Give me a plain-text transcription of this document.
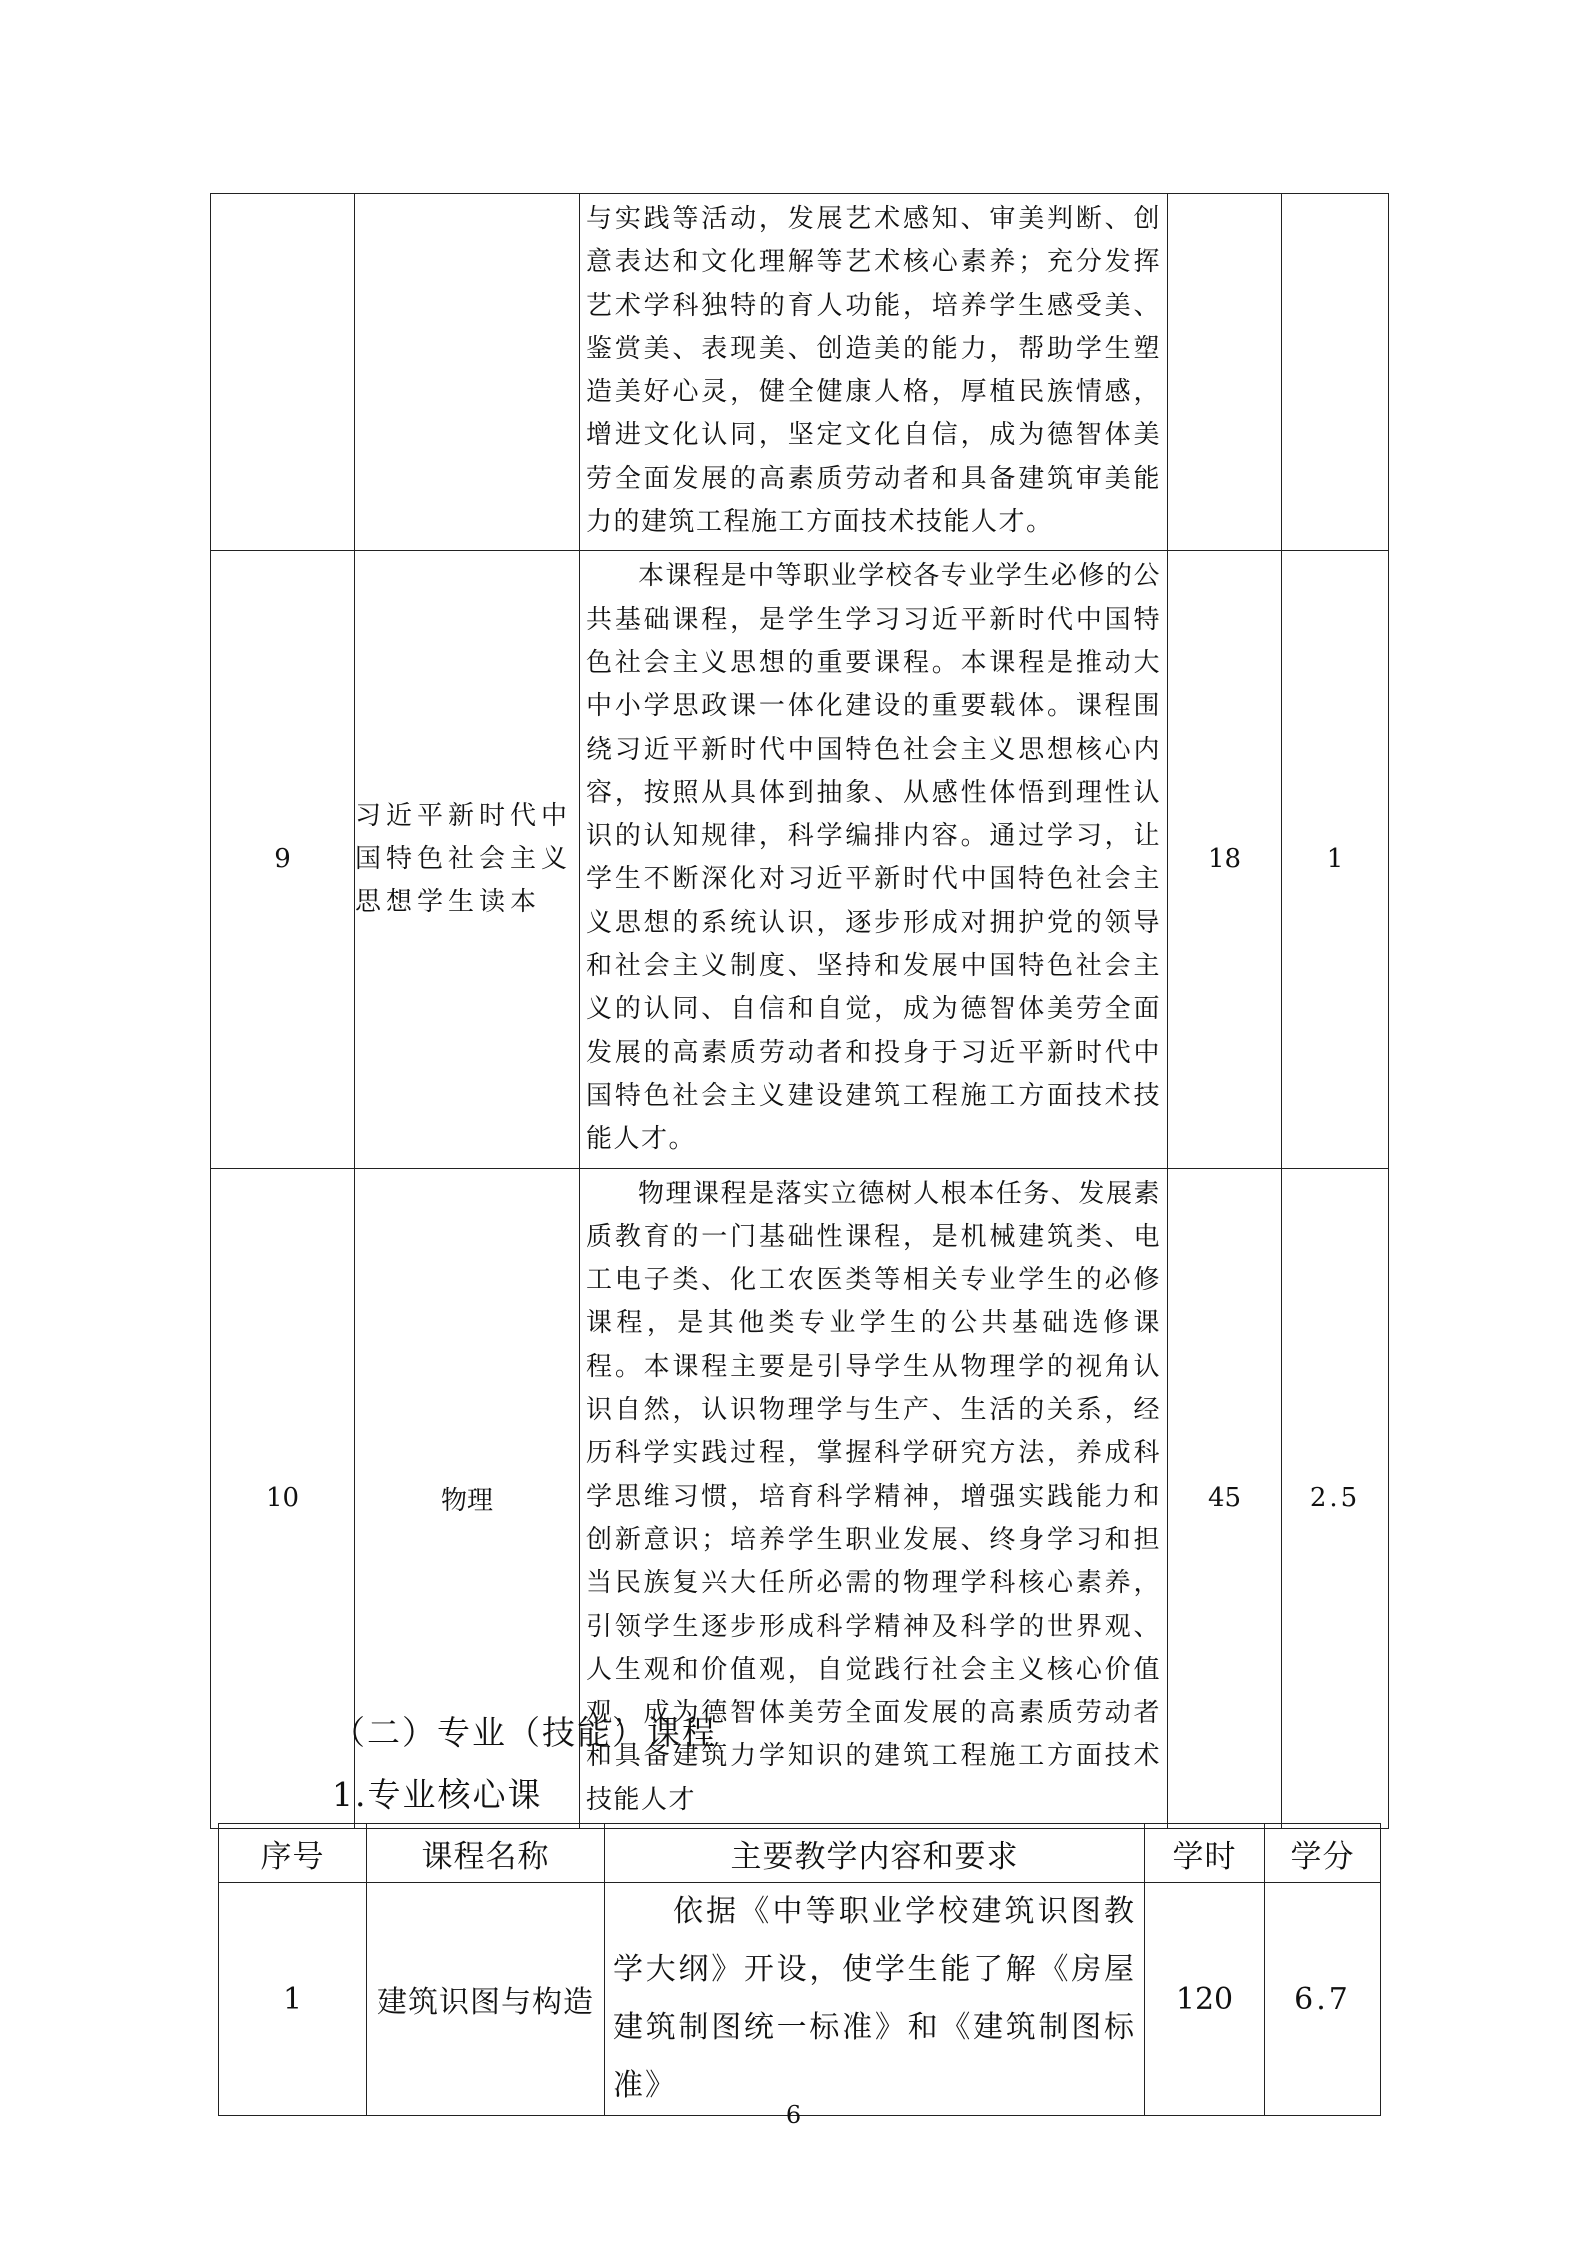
		与实践等活动，发展艺术感知、审美判断、创意表达和文化理解等艺术核心素养；充分发挥艺术学科独特的育人功能，培养学生感受美、鉴赏美、表现美、创造美的能力，帮助学生塑造美好心灵，健全健康人格，厚植民族情感，增进文化认同，坚定文化自信，成为德智体美劳全面发展的高素质劳动者和具备建筑审美能力的建筑工程施工方面技术技能人才。		

9	习近平新时代中国特色社会主义思想学生读本	本课程是中等职业学校各专业学生必修的公共基础课程，是学生学习习近平新时代中国特色社会主义思想的重要课程。本课程是推动大中小学思政课一体化建设的重要载体。课程围绕习近平新时代中国特色社会主义思想核心内容，按照从具体到抽象、从感性体悟到理性认识的认知规律，科学编排内容。通过学习，让学生不断深化对习近平新时代中国特色社会主义思想的系统认识，逐步形成对拥护党的领导和社会主义制度、坚持和发展中国特色社会主义的认同、自信和自觉，成为德智体美劳全面发展的高素质劳动者和投身于习近平新时代中国特色社会主义建设建筑工程施工方面技术技能人才。	18	1
10	物理	物理课程是落实立德树人根本任务、发展素质教育的一门基础性课程，是机械建筑类、电工电子类、化工农医类等相关专业学生的必修课程，是其他类专业学生的公共基础选修课程。本课程主要是引导学生从物理学的视角认识自然，认识物理学与生产、生活的关系，经历科学实践过程，掌握科学研究方法，养成科学思维习惯，培育科学精神，增强实践能力和创新意识；培养学生职业发展、终身学习和担当民族复兴大任所必需的物理学科核心素养，引领学生逐步形成科学精神及科学的世界观、人生观和价值观，自觉践行社会主义核心价值观，成为德智体美劳全面发展的高素质劳动者和具备建筑力学知识的建筑工程施工方面技术技能人才	45	2.5
（二）专业（技能）课程
1.专业核心课
序号	课程名称	主要教学内容和要求	学时	学分
1	建筑识图与构造	依据《中等职业学校建筑识图教学大纲》开设，使学生能了解《房屋建筑制图统一标准》和《建筑制图标准》	120	6.7
6
